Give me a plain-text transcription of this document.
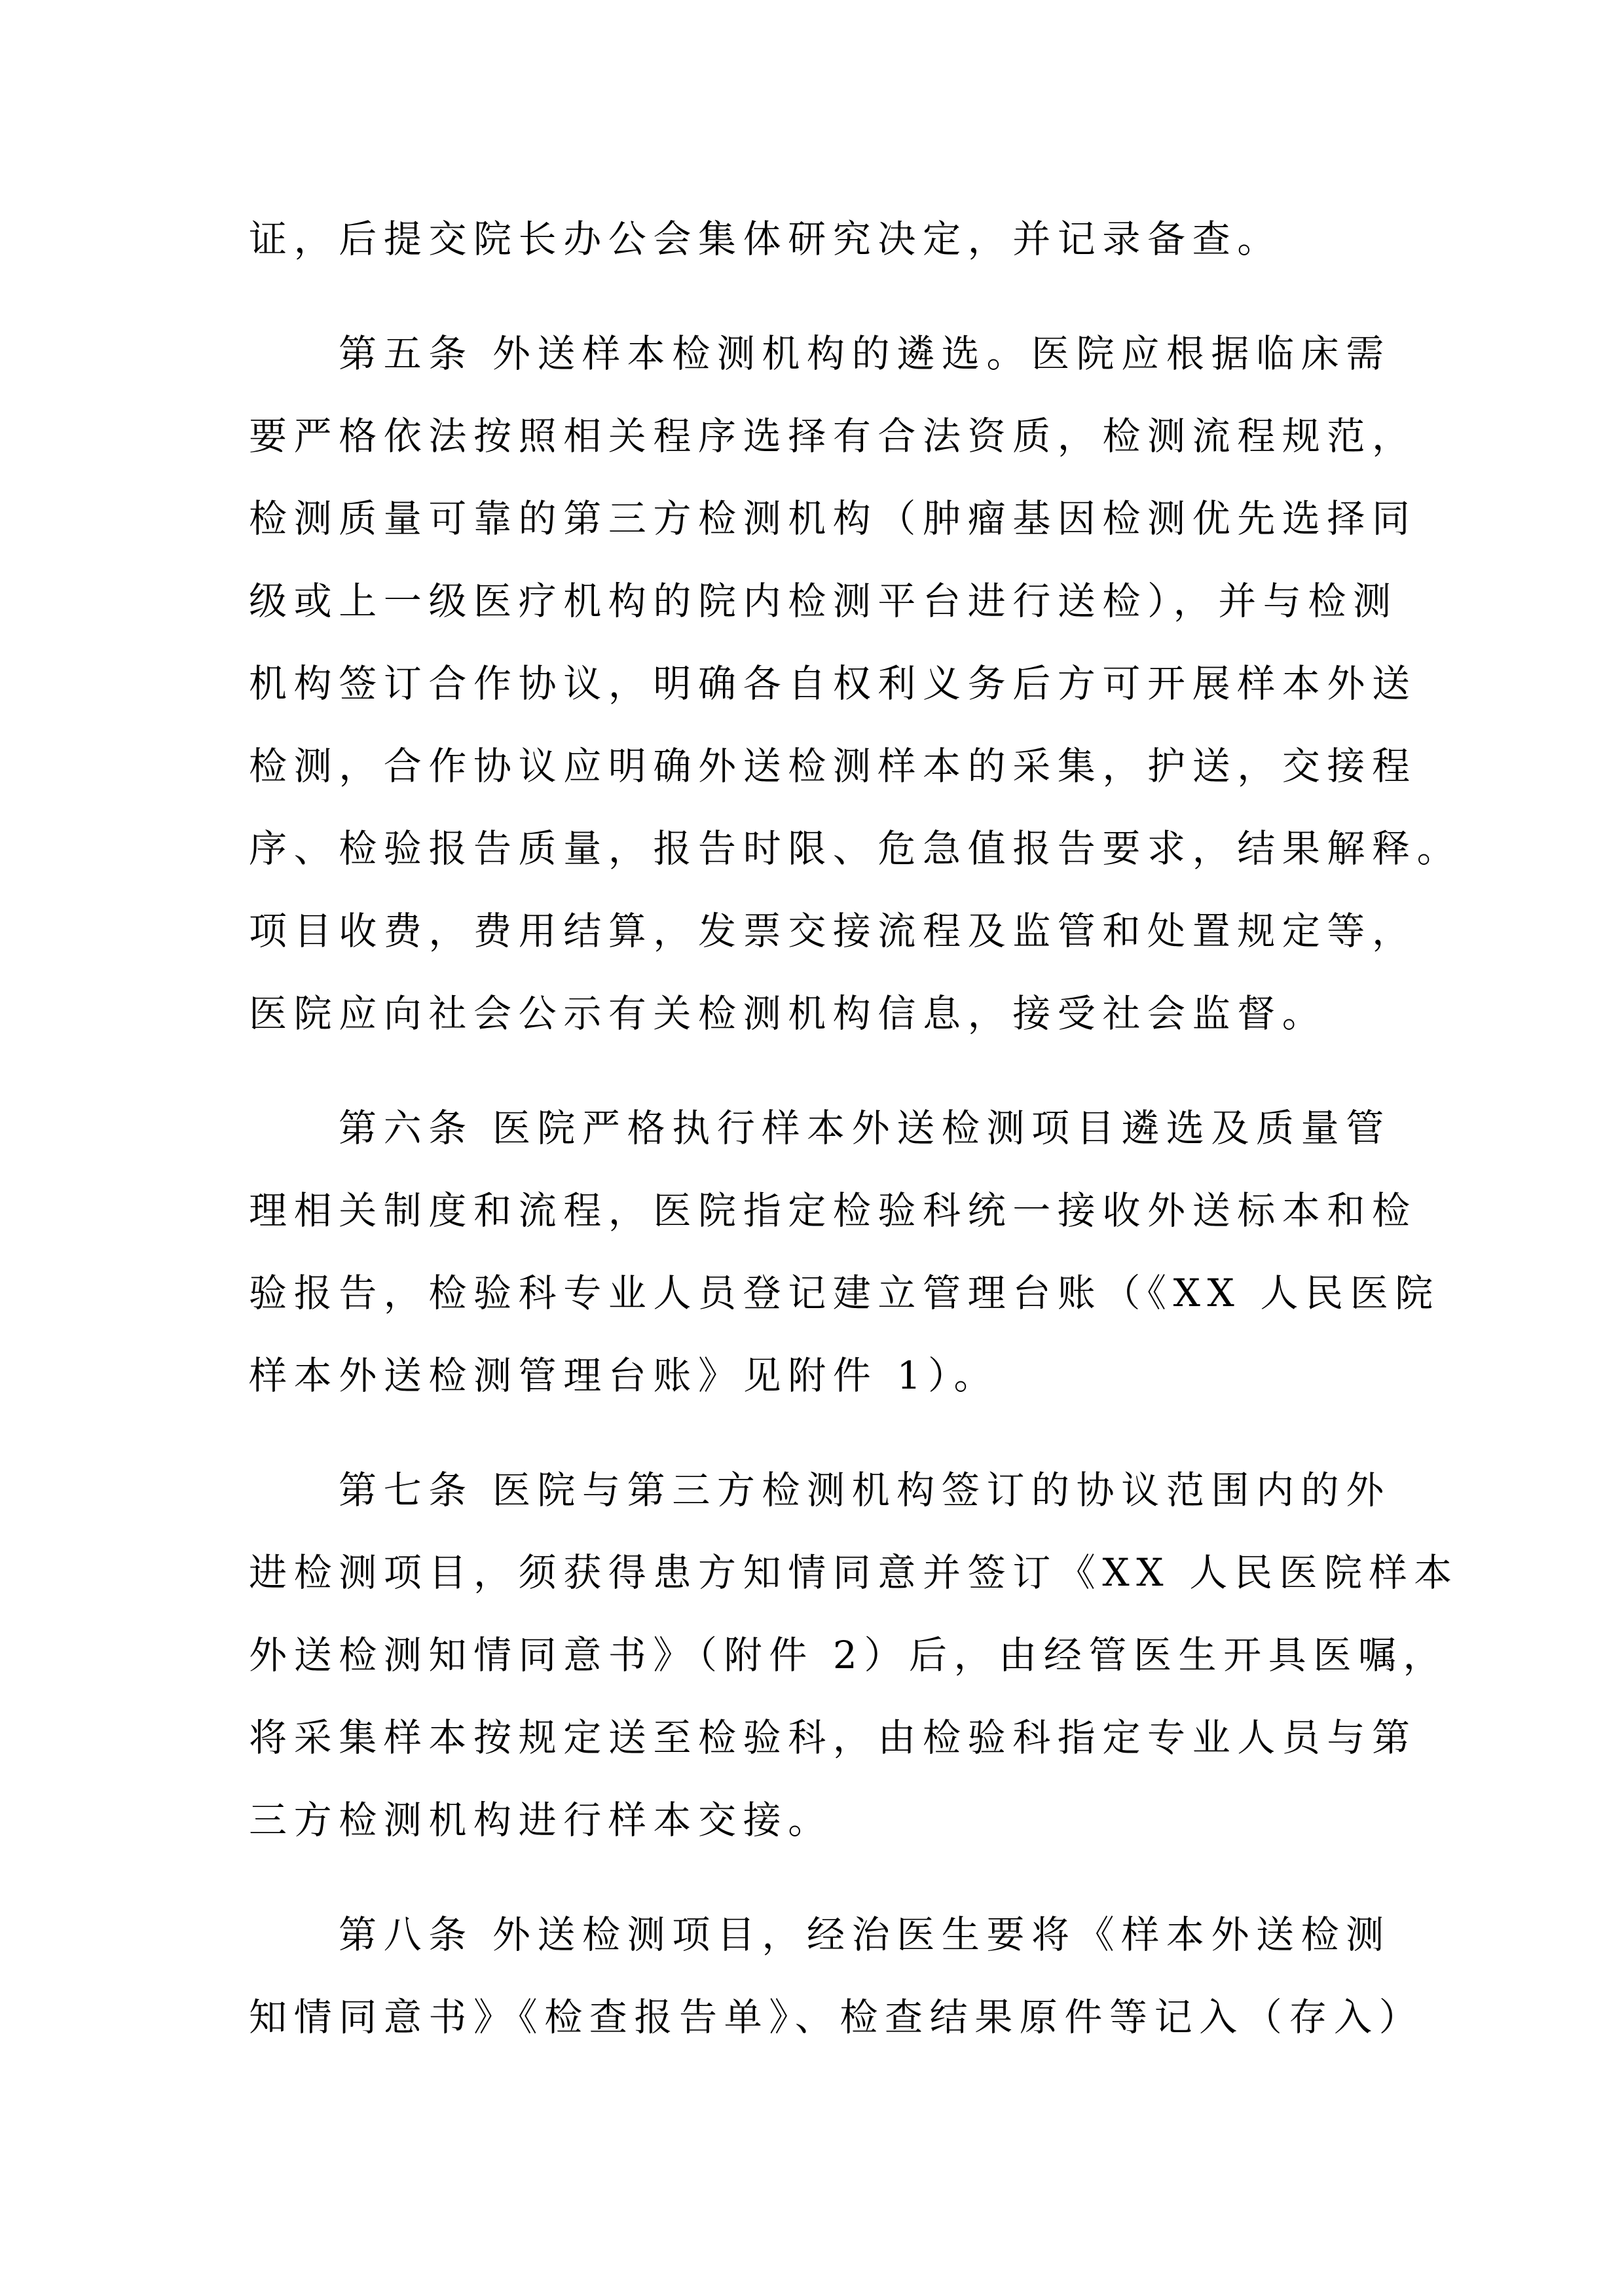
证，后提交院长办公会集体研究决定，并记录备查。

第五条 外送样本检测机构的遴选。医院应根据临床需
要严格依法按照相关程序选择有合法资质，检测流程规范，
检测质量可靠的第三方检测机构（肿瘤基因检测优先选择同
级或上一级医疗机构的院内检测平台进行送检），并与检测
机构签订合作协议，明确各自权利义务后方可开展样本外送
检测，合作协议应明确外送检测样本的采集，护送，交接程
序、检验报告质量，报告时限、危急值报告要求，结果解释。
项目收费，费用结算，发票交接流程及监管和处置规定等，
医院应向社会公示有关检测机构信息，接受社会监督。

第六条 医院严格执行样本外送检测项目遴选及质量管
理相关制度和流程，医院指定检验科统一接收外送标本和检
验报告，检验科专业人员登记建立管理台账（《XX 人民医院
样本外送检测管理台账》见附件 1）。

第七条 医院与第三方检测机构签订的协议范围内的外
进检测项目，须获得患方知情同意并签订《XX 人民医院样本
外送检测知情同意书》（附件 2）后，由经管医生开具医嘱，
将采集样本按规定送至检验科，由检验科指定专业人员与第
三方检测机构进行样本交接。

第八条 外送检测项目，经治医生要将《样本外送检测
知情同意书》《检查报告单》、检查结果原件等记入（存入）
